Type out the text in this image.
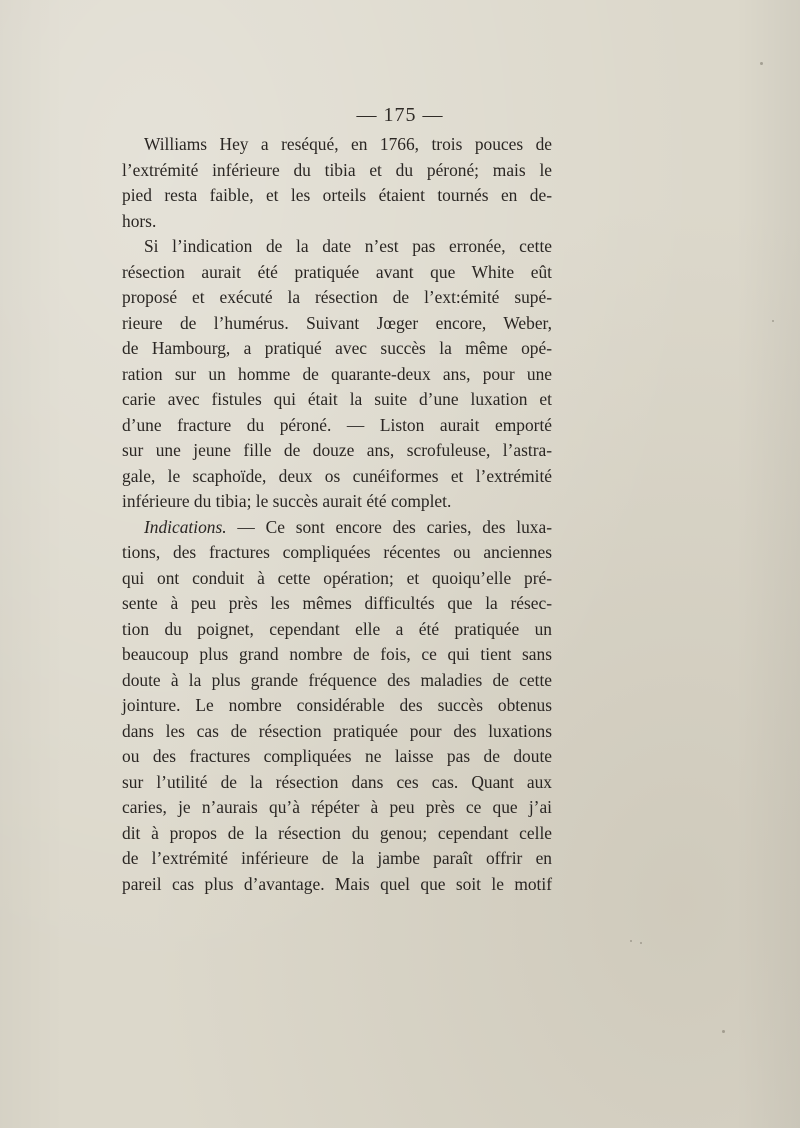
— 175 —
Williams Hey a reséqué, en 1766, trois pouces de
l’extrémité inférieure du tibia et du péroné; mais le
pied resta faible, et les orteils étaient tournés en de-
hors.
Si l’indication de la date n’est pas erronée, cette
résection aurait été pratiquée avant que White eût
proposé et exécuté la résection de l’ext:émité supé-
rieure de l’humérus. Suivant Jœger encore, Weber,
de Hambourg, a pratiqué avec succès la même opé-
ration sur un homme de quarante-deux ans, pour une
carie avec fistules qui était la suite d’une luxation et
d’une fracture du péroné. — Liston aurait emporté
sur une jeune fille de douze ans, scrofuleuse, l’astra-
gale, le scaphoïde, deux os cunéiformes et l’extrémité
inférieure du tibia; le succès aurait été complet.
Indications. — Ce sont encore des caries, des luxa-
tions, des fractures compliquées récentes ou anciennes
qui ont conduit à cette opération; et quoiqu’elle pré-
sente à peu près les mêmes difficultés que la résec-
tion du poignet, cependant elle a été pratiquée un
beaucoup plus grand nombre de fois, ce qui tient sans
doute à la plus grande fréquence des maladies de cette
jointure. Le nombre considérable des succès obtenus
dans les cas de résection pratiquée pour des luxations
ou des fractures compliquées ne laisse pas de doute
sur l’utilité de la résection dans ces cas. Quant aux
caries, je n’aurais qu’à répéter à peu près ce que j’ai
dit à propos de la résection du genou; cependant celle
de l’extrémité inférieure de la jambe paraît offrir en
pareil cas plus d’avantage. Mais quel que soit le motif
